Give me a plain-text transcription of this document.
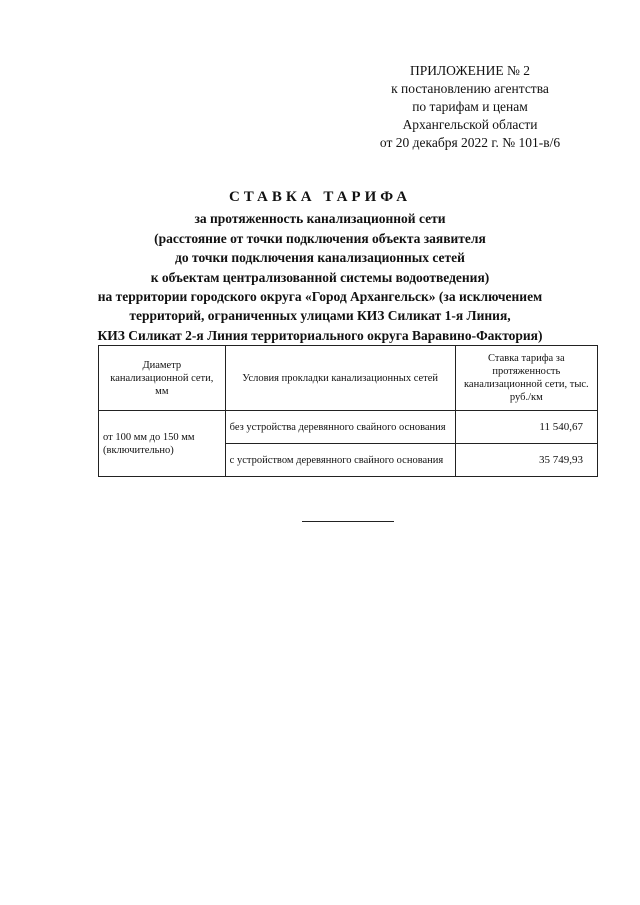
ПРИЛОЖЕНИЕ № 2
к постановлению агентства
по тарифам и ценам
Архангельской области
от 20 декабря 2022 г. № 101-в/6
СТАВКА ТАРИФА
за протяженность канализационной сети
(расстояние от точки подключения объекта заявителя
до точки подключения канализационных сетей
к объектам централизованной системы водоотведения)
на территории городского округа «Город Архангельск» (за исключением
территорий, ограниченных улицами КИЗ Силикат 1-я Линия,
КИЗ Силикат 2-я Линия территориального округа Варавино-Фактория)
Диаметр канализационной сети, мм	Условия прокладки канализационных сетей	Ставка тарифа за протяженность канализационной сети, тыс. руб./км
от 100 мм до 150 мм (включительно)	без устройства деревянного свайного основания	11 540,67
	с устройством деревянного свайного основания	35 749,93
